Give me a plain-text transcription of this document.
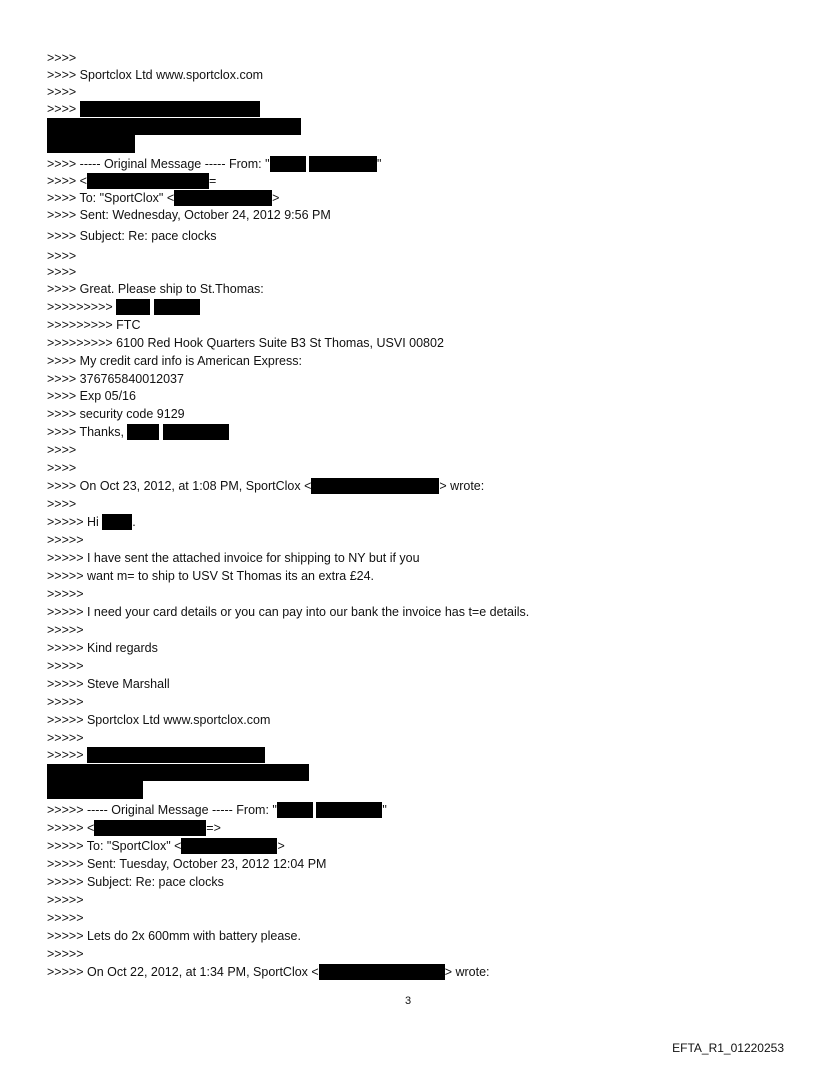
>>>>
>>>> Sportclox Ltd www.sportclox.com
>>>>
>>>>
>>>> ----- Original Message ----- From: "	"
>>>> <	=
>>>> To: "SportClox" <	>
>>>> Sent: Wednesday, October 24, 2012 9:56 PM
>>>> Subject: Re: pace clocks
>>>>
>>>>
>>>> Great. Please ship to St.Thomas:
>>>>>>>>>
>>>>>>>>> FTC
>>>>>>>>> 6100 Red Hook Quarters Suite B3 St Thomas, USVI 00802
>>>> My credit card info is American Express:
>>>> 376765840012037
>>>> Exp 05/16
>>>> security code 9129
>>>> Thanks,
>>>>
>>>>
>>>> On Oct 23, 2012, at 1:08 PM, SportClox <	> wrote:
>>>>
>>>>> Hi .
>>>>>
>>>>> I have sent the attached invoice for shipping to NY but if you
>>>>> want m= to ship to USV St Thomas its an extra £24.
>>>>>
>>>>> I need your card details or you can pay into our bank the invoice has t=e details.
>>>>>
>>>>> Kind regards
>>>>>
>>>>> Steve Marshall
>>>>>
>>>>> Sportclox Ltd www.sportclox.com
>>>>>
>>>>>
>>>>> ----- Original Message ----- From: "	"
>>>>> <	=>
>>>>> To: "SportClox" <	>
>>>>> Sent: Tuesday, October 23, 2012 12:04 PM
>>>>> Subject: Re: pace clocks
>>>>>
>>>>>
>>>>> Lets do 2x 600mm with battery please.
>>>>>
>>>>> On Oct 22, 2012, at 1:34 PM, SportClox <	> wrote:
3
EFTA_R1_01220253
